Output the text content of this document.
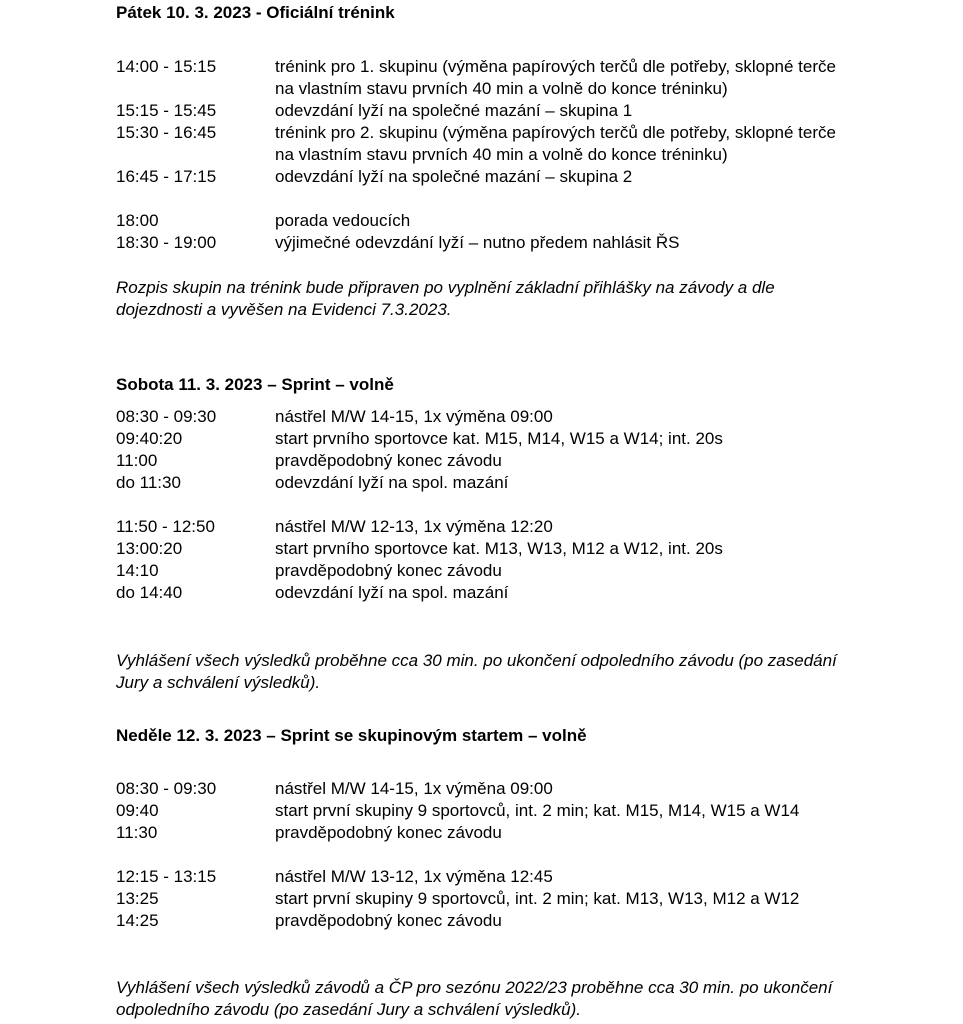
Pátek 10. 3. 2023 - Oficiální trénink
14:00 - 15:15	trénink pro 1. skupinu (výměna papírových terčů dle potřeby, sklopné terče na vlastním stavu prvních 40 min a volně do konce tréninku)
15:15 - 15:45	odevzdání lyží na společné mazání – skupina 1
15:30 - 16:45	trénink pro 2. skupinu (výměna papírových terčů dle potřeby, sklopné terče na vlastním stavu prvních 40 min a volně do konce tréninku)
16:45 - 17:15	odevzdání lyží na společné mazání – skupina 2
18:00	porada vedoucích
18:30 - 19:00	výjimečné odevzdání lyží – nutno předem nahlásit ŘS
Rozpis skupin na trénink bude připraven po vyplnění základní přihlášky na závody a dle dojezdnosti a vyvěšen na Evidenci 7.3.2023.
Sobota 11. 3. 2023 – Sprint – volně
08:30 - 09:30	nástřel M/W 14-15, 1x výměna 09:00
09:40:20	start prvního sportovce kat. M15, M14, W15 a W14; int. 20s
11:00	pravděpodobný konec závodu
do 11:30	odevzdání lyží na spol. mazání
11:50 - 12:50	nástřel M/W 12-13, 1x výměna 12:20
13:00:20	start prvního sportovce kat. M13, W13, M12 a W12, int. 20s
14:10	pravděpodobný konec závodu
do 14:40	odevzdání lyží na spol. mazání
Vyhlášení všech výsledků proběhne cca 30 min. po ukončení odpoledního závodu (po zasedání Jury a schválení výsledků).
Neděle 12. 3. 2023 – Sprint se skupinovým startem – volně
08:30 - 09:30	nástřel M/W 14-15, 1x výměna 09:00
09:40	start první skupiny 9 sportovců, int. 2 min; kat. M15, M14, W15 a W14
11:30	pravděpodobný konec závodu
12:15 - 13:15	nástřel M/W 13-12, 1x výměna 12:45
13:25	start první skupiny 9 sportovců, int. 2 min; kat. M13, W13, M12 a W12
14:25	pravděpodobný konec závodu
Vyhlášení všech výsledků závodů a ČP pro sezónu 2022/23 proběhne cca 30 min. po ukončení odpoledního závodu (po zasedání Jury a schválení výsledků).
